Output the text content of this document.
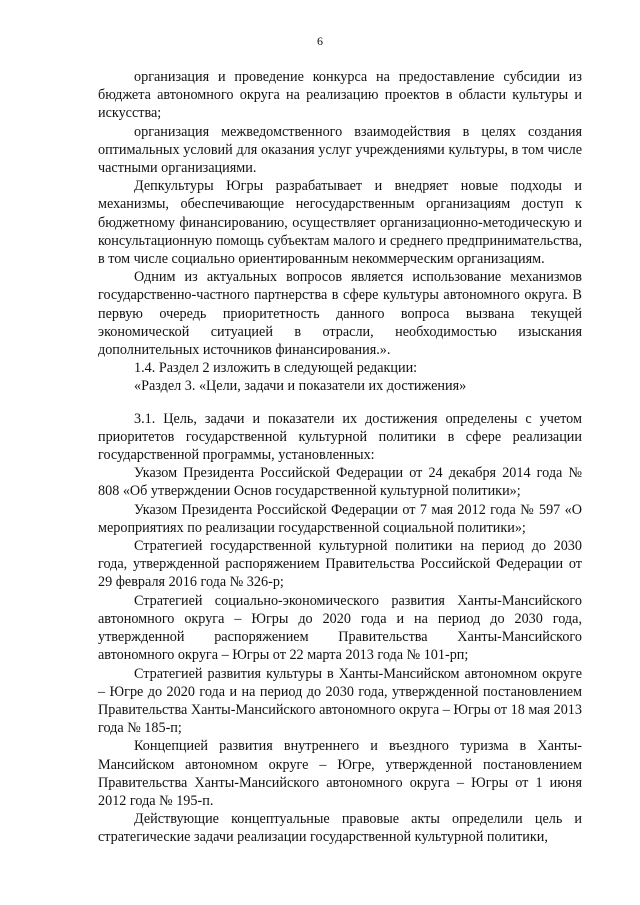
6

организация и проведение конкурса на предоставление субсидии из бюджета автономного округа на реализацию проектов в области культуры и искусства;

организация межведомственного взаимодействия в целях создания оптимальных условий для оказания услуг учреждениями культуры, в том числе частными организациями.

Депкультуры Югры разрабатывает и внедряет новые подходы и механизмы, обеспечивающие негосударственным организациям доступ к бюджетному финансированию, осуществляет организационно-методическую и консультационную помощь субъектам малого и среднего предпринимательства, в том числе социально ориентированным некоммерческим организациям.

Одним из актуальных вопросов является использование механизмов государственно-частного партнерства в сфере культуры автономного округа. В первую очередь приоритетность данного вопроса вызвана текущей экономической ситуацией в отрасли, необходимостью изыскания дополнительных источников финансирования.».

1.4. Раздел 2 изложить в следующей редакции:

«Раздел 3. «Цели, задачи и показатели их достижения»

3.1. Цель, задачи и показатели их достижения определены с учетом приоритетов государственной культурной политики в сфере реализации государственной программы, установленных:

Указом Президента Российской Федерации от 24 декабря 2014 года № 808 «Об утверждении Основ государственной культурной политики»;

Указом Президента Российской Федерации от 7 мая 2012 года № 597 «О мероприятиях по реализации государственной социальной политики»;

Стратегией государственной культурной политики на период до 2030 года, утвержденной распоряжением Правительства Российской Федерации от 29 февраля 2016 года № 326-р;

Стратегией социально-экономического развития Ханты-Мансийского автономного округа – Югры до 2020 года и на период до 2030 года, утвержденной распоряжением Правительства Ханты-Мансийского автономного округа – Югры от 22 марта 2013 года № 101-рп;

Стратегией развития культуры в Ханты-Мансийском автономном округе – Югре до 2020 года и на период до 2030 года, утвержденной постановлением Правительства Ханты-Мансийского автономного округа – Югры от 18 мая 2013 года № 185-п;

Концепцией развития внутреннего и въездного туризма в Ханты-Мансийском автономном округе – Югре, утвержденной постановлением Правительства Ханты-Мансийского автономного округа – Югры от 1 июня 2012 года № 195-п.

Действующие концептуальные правовые акты определили цель и стратегические задачи реализации государственной культурной политики,
